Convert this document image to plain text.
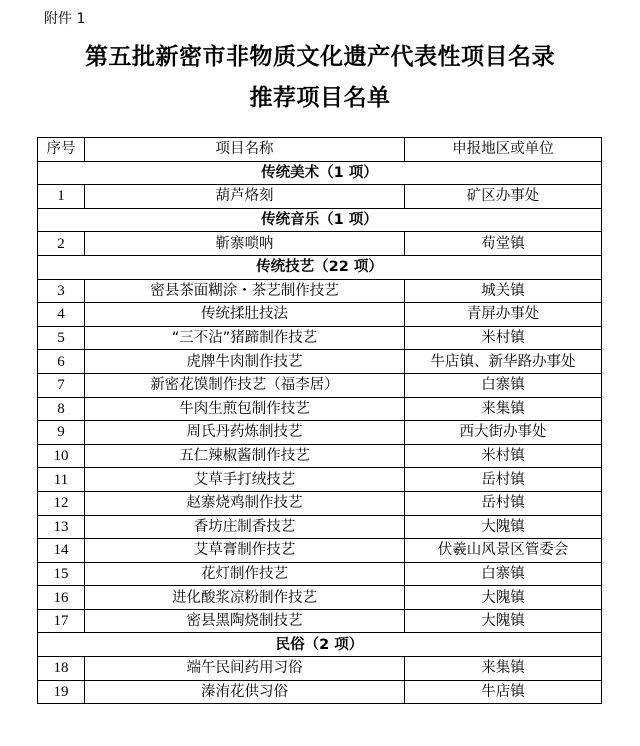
附件 1
第五批新密市非物质文化遗产代表性项目名录
推荐项目名单
序号	项目名称	申报地区或单位
传统美术（1 项）		
1	葫芦烙刻	矿区办事处
传统音乐（1 项）		
2	靳寨唢呐	苟堂镇
传统技艺（22 项）		
3	密县茶面糊涂・茶艺制作技艺	城关镇
4	传统揉肚技法	青屏办事处
5	“三不沾”猪蹄制作技艺	米村镇
6	虎牌牛肉制作技艺	牛店镇、新华路办事处
7	新密花馍制作技艺（福李居）	白寨镇
8	牛肉生煎包制作技艺	来集镇
9	周氏丹药炼制技艺	西大街办事处
10	五仁辣椒酱制作技艺	米村镇
11	艾草手打绒技艺	岳村镇
12	赵寨烧鸡制作技艺	岳村镇
13	香坊庄制香技艺	大隗镇
14	艾草膏制作技艺	伏羲山风景区管委会
15	花灯制作技艺	白寨镇
16	进化酸浆凉粉制作技艺	大隗镇
17	密县黑陶烧制技艺	大隗镇
民俗（2 项）		
18	端午民间药用习俗	来集镇
19	溱洧花供习俗	牛店镇
